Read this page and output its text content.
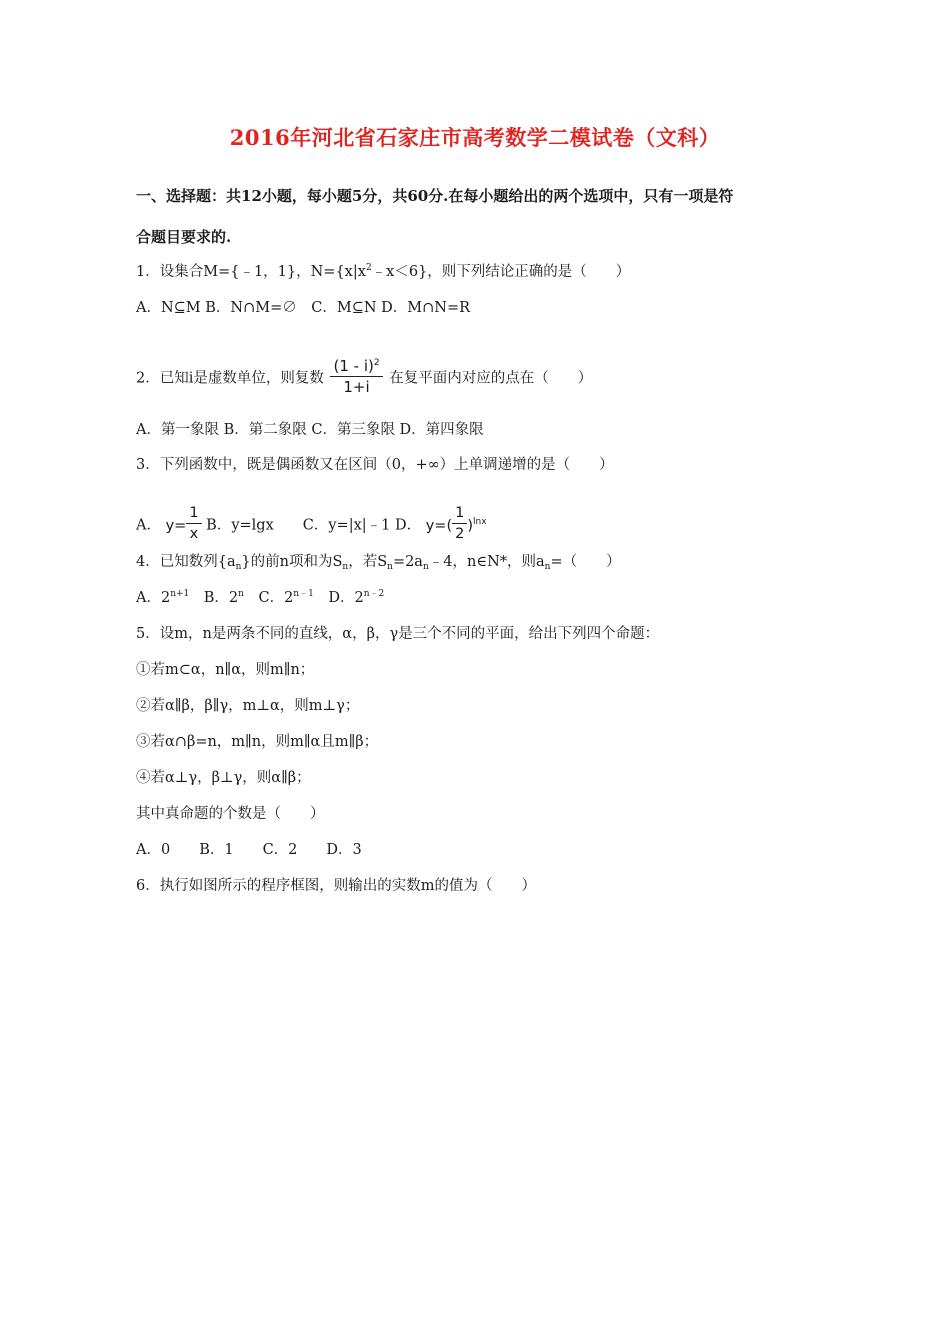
2016年河北省石家庄市高考数学二模试卷（文科）
一、选择题：共12小题，每小题5分，共60分.在每小题给出的两个选项中，只有一项是符
合题目要求的.
1．设集合M={﹣1，1}，$N=\{x|x^2﹣x<6\}$，则下列结论正确的是（　　）
A．N⊆M B．N∩M=∅　C．M⊆N D．M∩N=R
2．已知i是虚数单位，则复数 $\frac{(1 - i)^2}{1+i}$ 在复平面内对应的点在（　　）
A．第一象限 B．第二象限 C．第三象限 D．第四象限
3．下列函数中，既是偶函数又在区间（0，+∞）上单调递增的是（　　）
A． $y= \frac{1}{x}$ B．y=lgx　　C．y=|x|﹣1 D． $y=( \frac{1}{2} )^{lnx}$
4．已知数列$\{a_n\}$的前n项和为$S_n$，若$S_n=2a_n﹣4$，n∈N*，则$a_n=$（　　）
A．$2^{n+1}$　B．2$^n$　C．$2^{n﹣1}$　D．$2^{n﹣2}$
5．设m，n是两条不同的直线，α，β，γ是三个不同的平面，给出下列四个命题：
①若m⊂α，n∥α，则m∥n；
②若α∥β，β∥γ，m⊥α，则m⊥γ；
③若α∩β=n，m∥n，则m∥α且m∥β；
④若α⊥γ，β⊥γ，则α∥β；
其中真命题的个数是（　　）
A．0　　B．1　　C．2　　D．3
6．执行如图所示的程序框图，则输出的实数m的值为（　　）
